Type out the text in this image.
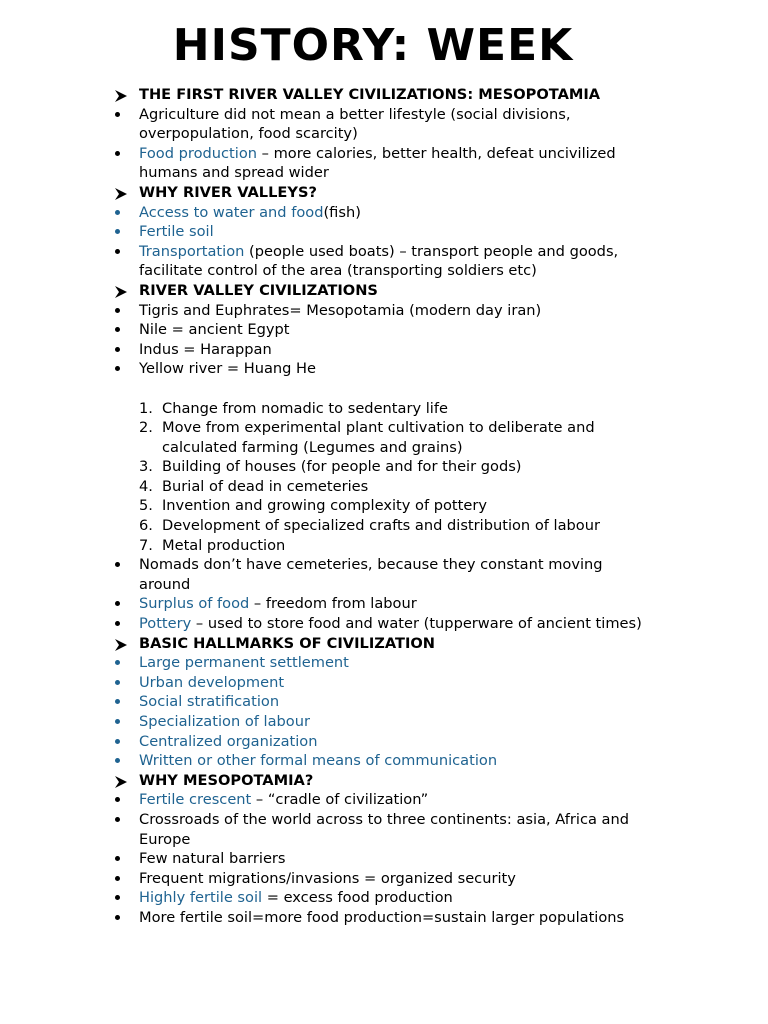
HISTORY: WEEK
THE FIRST RIVER VALLEY CIVILIZATIONS: MESOPOTAMIA
Agriculture did not mean a better lifestyle (social divisions,
overpopulation, food scarcity)
Food production – more calories, better health, defeat uncivilized
humans and spread wider
WHY RIVER VALLEYS?
Access to water and food(fish)
Fertile soil
Transportation (people used boats) – transport people and goods,
facilitate control of the area (transporting soldiers etc)
RIVER VALLEY CIVILIZATIONS
Tigris and Euphrates= Mesopotamia (modern day iran)
Nile = ancient Egypt
Indus = Harappan
Yellow river = Huang He
1. Change from nomadic to sedentary life
2. Move from experimental plant cultivation to deliberate and
calculated farming (Legumes and grains)
3. Building of houses (for people and for their gods)
4. Burial of dead in cemeteries
5. Invention and growing complexity of pottery
6. Development of specialized crafts and distribution of labour
7. Metal production
Nomads don’t have cemeteries, because they constant moving
around
Surplus of food – freedom from labour
Pottery – used to store food and water (tupperware of ancient times)
BASIC HALLMARKS OF CIVILIZATION
Large permanent settlement
Urban development
Social stratification
Specialization of labour
Centralized organization
Written or other formal means of communication
WHY MESOPOTAMIA?
Fertile crescent – “cradle of civilization”
Crossroads of the world across to three continents: asia, Africa and
Europe
Few natural barriers
Frequent migrations/invasions = organized security
Highly fertile soil = excess food production
More fertile soil=more food production=sustain larger populations
